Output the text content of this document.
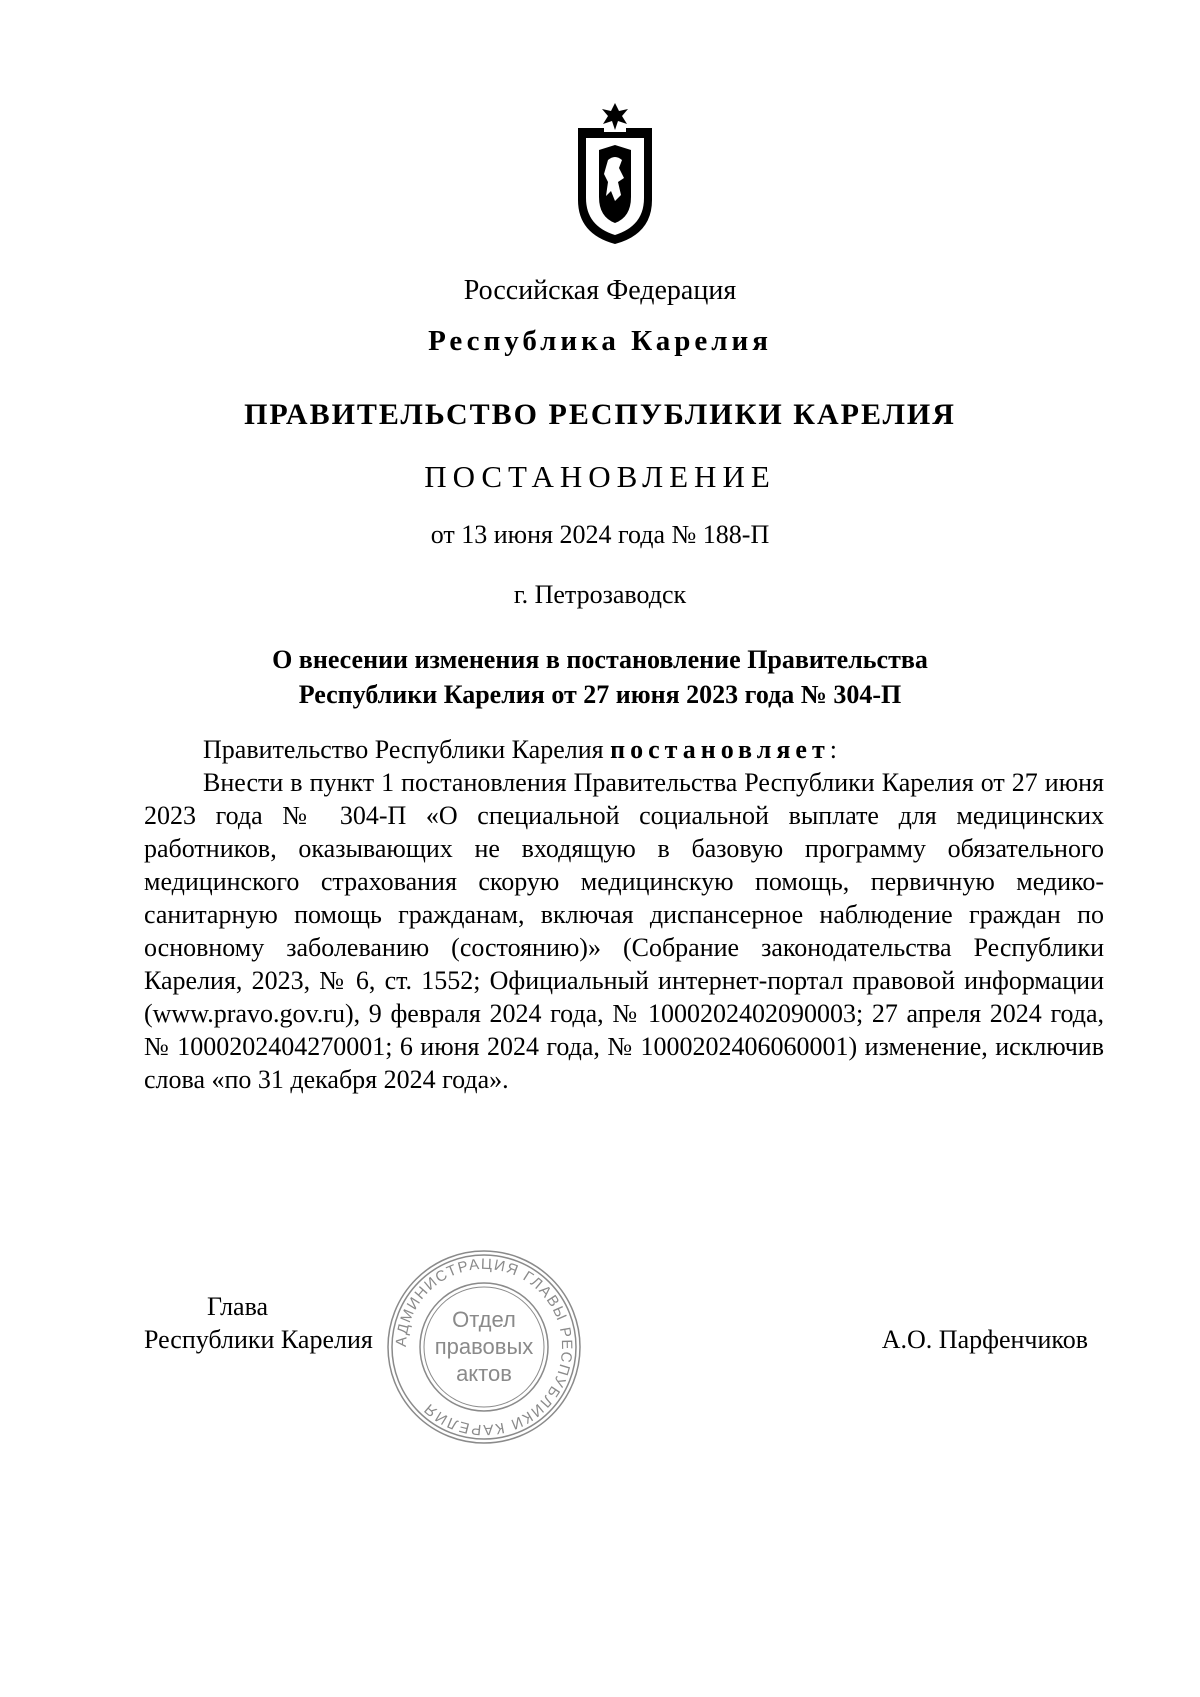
Российская Федерация
Республика Карелия
ПРАВИТЕЛЬСТВО РЕСПУБЛИКИ КАРЕЛИЯ
ПОСТАНОВЛЕНИЕ
от 13 июня 2024 года № 188-П
г. Петрозаводск
О внесении изменения в постановление Правительства
Республики Карелия от 27 июня 2023 года № 304-П

Правительство Республики Карелия постановляет:

Внести в пункт 1 постановления Правительства Республики Карелия от 27 июня 2023 года № 304-П «О специальной социальной выплате для медицинских работников, оказывающих не входящую в базовую программу обязательного медицинского страхования скорую медицинскую помощь, первичную медико-санитарную помощь гражданам, включая диспансерное наблюдение граждан по основному заболеванию (состоянию)» (Собрание законодательства Республики Карелия, 2023, № 6, ст. 1552; Официальный интернет-портал правовой информации (www.pravo.gov.ru), 9 февраля 2024 года, № 1000202402090003; 27 апреля 2024 года, № 1000202404270001; 6 июня 2024 года, № 1000202406060001) изменение, исключив слова «по 31 декабря 2024 года».

Глава
Республики Карелия	А.О. Парфенчиков
АДМИНИСТРАЦИЯ ГЛАВЫ РЕСПУБЛИКИ КАРЕЛИЯ
Отдел
правовых
актов
